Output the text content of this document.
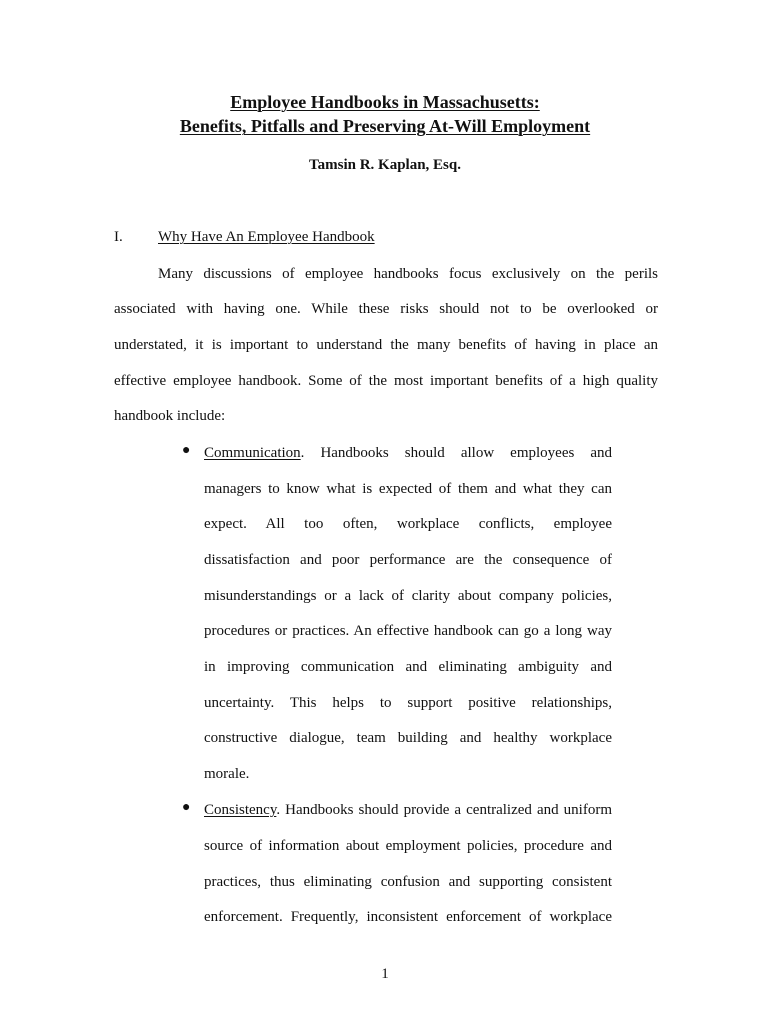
Employee Handbooks in Massachusetts:
Benefits, Pitfalls and Preserving At-Will Employment
Tamsin R. Kaplan, Esq.
I. Why Have An Employee Handbook
Many discussions of employee handbooks focus exclusively on the perils
associated with having one. While these risks should not to be overlooked or
understated, it is important to understand the many benefits of having in place an
effective employee handbook. Some of the most important benefits of a high quality
handbook include:
● Communication. Handbooks should allow employees and
managers to know what is expected of them and what they can
expect. All too often, workplace conflicts, employee
dissatisfaction and poor performance are the consequence of
misunderstandings or a lack of clarity about company policies,
procedures or practices. An effective handbook can go a long way
in improving communication and eliminating ambiguity and
uncertainty. This helps to support positive relationships,
constructive dialogue, team building and healthy workplace
morale.
● Consistency. Handbooks should provide a centralized and uniform
source of information about employment policies, procedure and
practices, thus eliminating confusion and supporting consistent
enforcement. Frequently, inconsistent enforcement of workplace
1
